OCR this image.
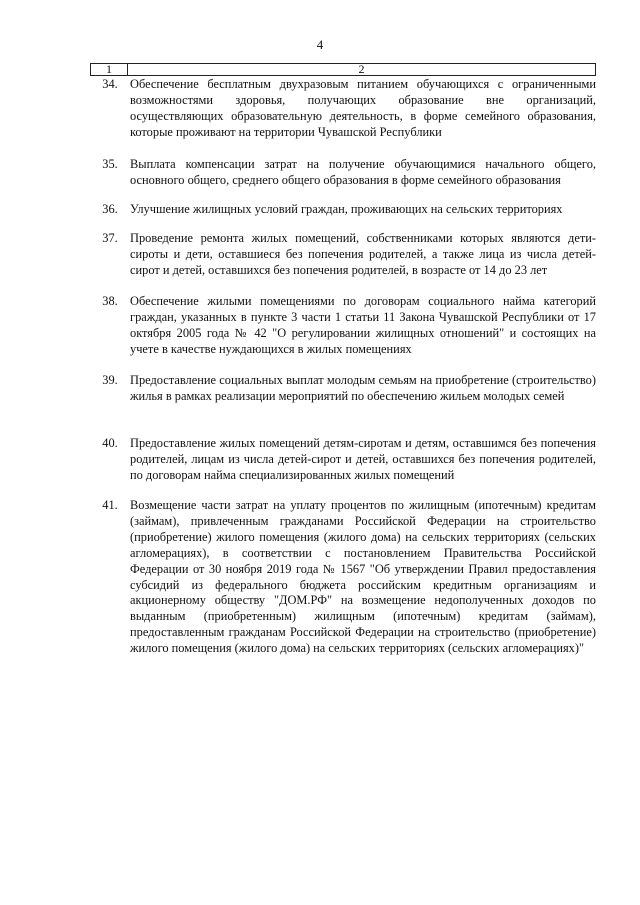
4
1	2
34. Обеспечение бесплатным двухразовым питанием обучающихся с ограниченными возможностями здоровья, получающих образование вне организаций, осуществляющих образовательную деятельность, в форме семейного образования, которые проживают на территории Чувашской Республики
35. Выплата компенсации затрат на получение обучающимися начального общего, основного общего, среднего общего образования в форме семейного образования
36. Улучшение жилищных условий граждан, проживающих на сельских территориях
37. Проведение ремонта жилых помещений, собственниками которых являются дети-сироты и дети, оставшиеся без попечения родителей, а также лица из числа детей-сирот и детей, оставшихся без попечения родителей, в возрасте от 14 до 23 лет
38. Обеспечение жилыми помещениями по договорам социального найма категорий граждан, указанных в пункте 3 части 1 статьи 11 Закона Чувашской Республики от 17 октября 2005 года № 42 "О регулировании жилищных отношений" и состоящих на учете в качестве нуждающихся в жилых помещениях
39. Предоставление социальных выплат молодым семьям на приобретение (строительство) жилья в рамках реализации мероприятий по обеспечению жильем молодых семей
40. Предоставление жилых помещений детям-сиротам и детям, оставшимся без попечения родителей, лицам из числа детей-сирот и детей, оставшихся без попечения родителей, по договорам найма специализированных жилых помещений
41. Возмещение части затрат на уплату процентов по жилищным (ипотечным) кредитам (займам), привлеченным гражданами Российской Федерации на строительство (приобретение) жилого помещения (жилого дома) на сельских территориях (сельских агломерациях), в соответствии с постановлением Правительства Российской Федерации от 30 ноября 2019 года № 1567 "Об утверждении Правил предоставления субсидий из федерального бюджета российским кредитным организациям и акционерному обществу "ДОМ.РФ" на возмещение недополученных доходов по выданным (приобретенным) жилищным (ипотечным) кредитам (займам), предоставленным гражданам Российской Федерации на строительство (приобретение) жилого помещения (жилого дома) на сельских территориях (сельских агломерациях)"
